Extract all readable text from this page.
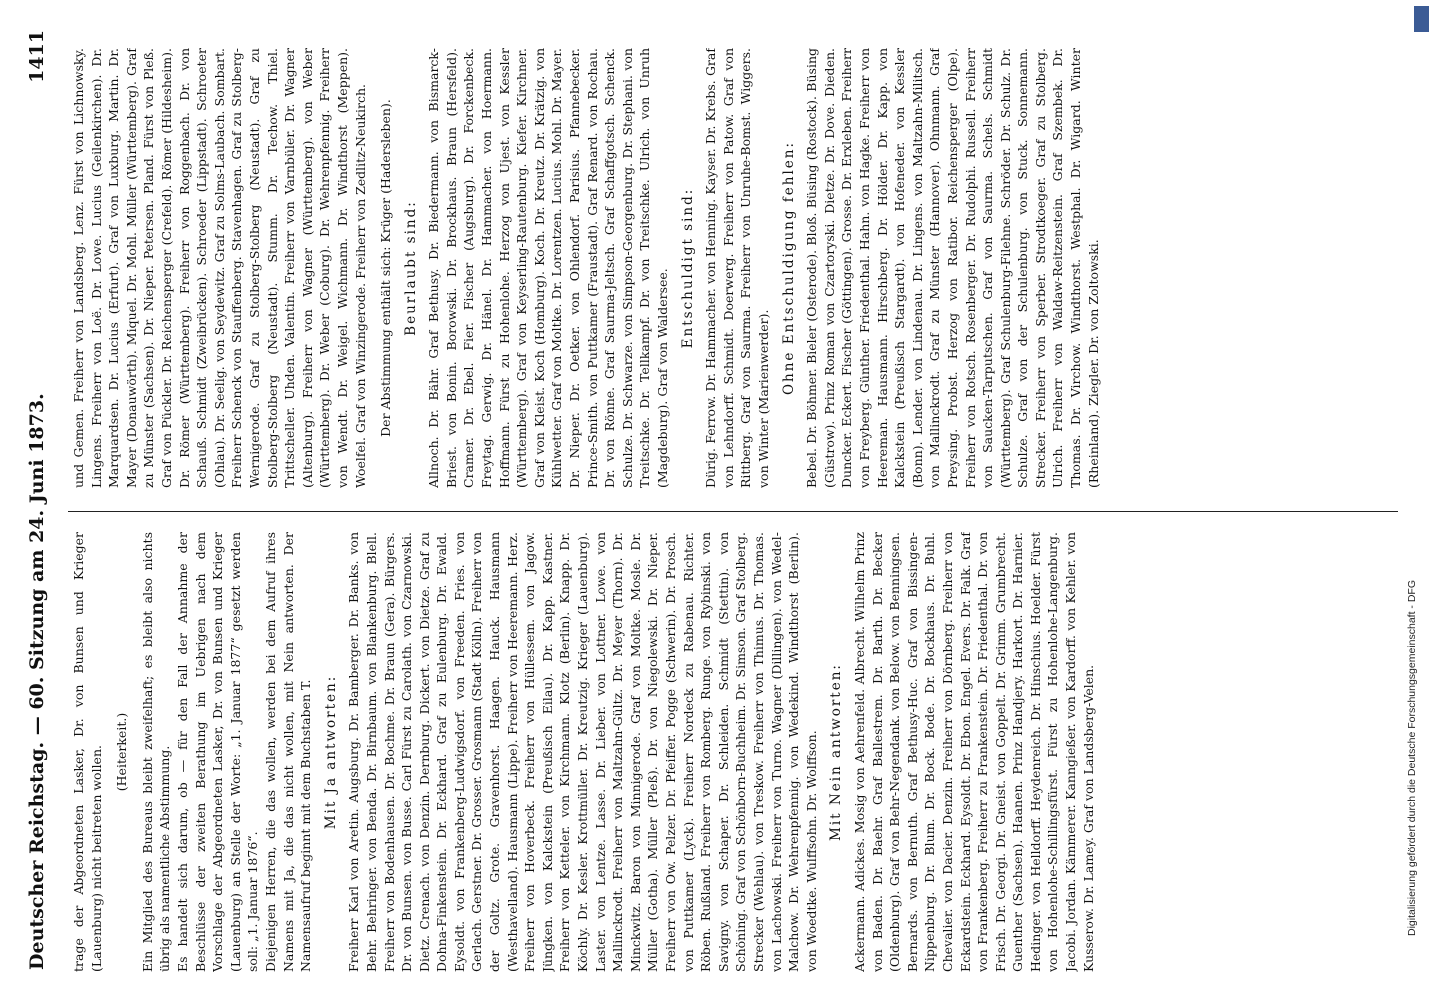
Deutscher Reichstag. — 60. Sitzung am 24. Juni 1873.
1411

trage der Abgeordneten Lasker, Dr. von Bunsen und Krieger (Lauenburg) nicht beitreten wollen. (Heiterkeit.) Ein Mitglied des Bureaus bleibt zweifelhaft; es bleibt also nichts übrig als namentliche Abstimmung. Es handelt sich darum, ob — für den Fall der Annahme der Beschlüsse der zweiten Berathung im Uebrigen nach dem Vorschlage der Abgeordneten Lasker, Dr. von Bunsen und Krieger (Lauenburg) an Stelle der Worte: „1. Januar 1877“ gesetzt werden soll: „1. Januar 1876“. Diejenigen Herren, die das wollen, werden bei dem Aufruf ihres Namens mit Ja, die das nicht wollen, mit Nein antworten. Der Namensaufruf beginnt mit dem Buchstaben T. Mit Ja antworten: Freiherr Karl von Aretin. Augsburg. Dr. Bamberger. Dr. Banks. von Behr. Behringer. von Benda. Dr. Birnbaum. von Blankenburg. Blell. Freiherr von Bodenhausen. Dr. Bochme. Dr. Braun (Gera). Bürgers. Dr. von Bunsen. von Busse. Carl Fürst zu Carolath. von Czarnowski. Dietz. Crenach. von Denzin. Dernburg. Dickert. von Dietze. Graf zu Dohna-Finkenstein. Dr. Eckhard. Graf zu Eulenburg. Dr. Ewald. Eysoldt. von Frankenberg-Ludwigsdorf. von Freeden. Fries. von Gerlach. Gerstner. Dr. Grosser. Grosmann (Stadt Kölln). Freiherr von der Goltz. Grote. Gravenhorst. Haagen. Hauck. Hausmann (Westhavelland). Hausmann (Lippe). Freiherr von Heeremann. Herz. Freiherr von Hoverbeck. Freiherr von Hüllessem. von Jagow. Jüngken. von Kalckstein (Preußisch Eilau). Dr. Kapp. Kastner. Freiherr von Ketteler. von Kirchmann. Klotz (Berlin). Knapp. Dr. Köchly. Dr. Kesler. Krottmüller. Dr. Kreutzig. Krieger (Lauenburg). Laster. von Lentze. Lasse. Dr. Lieber. von Lottner. Lowe. von Mallinckrodt. Freiherr von Maltzahn-Gültz. Dr. Meyer (Thorn). Dr. Minckwitz. Baron von Minnigerode. Graf von Moltke. Mosle. Dr. Müller (Gotha). Müller (Pleß). Dr. von Niegolewski. Dr. Nieper. Freiherr von Ow. Pelzer. Dr. Pfeiffer. Pogge (Schwerin). Dr. Prosch. von Puttkamer (Lyck). Freiherr Nordeck zu Rabenau. Richter. Röben. Rußland. Freiherr von Romberg. Runge. von Rybinski. von Savigny. von Schaper. Dr. Schleiden. Schmidt (Stettin). von Schöning. Graf von Schönborn-Buchheim. Dr. Simson. Graf Stolberg. Strecker (Wehlau). von Treskow. Freiherr von Thimus. Dr. Thomas. von Lachowski. Freiherr von Turno. Wagner (Dillingen). von Wedel-Malchow. Dr. Wehrenpfennig. von Wedekind. Windthorst (Berlin). von Woedtke. Wulffsohn. Dr. Wolffson. Mit Nein antworten: Ackermann. Adickes. Mosig von Aehrenfeld. Albrecht. Wilhelm Prinz von Baden. Dr. Baehr. Graf Ballestrem. Dr. Barth. Dr. Becker (Oldenburg). Graf von Behr-Negendank. von Below. von Benningsen. Bernards. von Bernuth. Graf Bethusy-Huc. Graf von Bissingen-Nippenburg. Dr. Blum. Dr. Bock. Bode. Dr. Bockhaus. Dr. Buhl. Chevalier. von Dacier. Denzin. Freiherr von Dörnberg. Freiherr von Eckardstein. Eckhard. Eysoldt. Dr. Ebon. Engel. Evers. Dr. Falk. Graf von Frankenberg. Freiherr zu Frankenstein. Dr. Friedenthal. Dr. von Frisch. Dr. Georgi. Dr. Gneist. von Goppelt. Dr. Grimm. Grumbrecht. Guenther (Sachsen). Haanen. Prinz Handjery. Harkort. Dr. Harnier. Hedinger. von Helldorff. Heydenreich. Dr. Hinschius. Hoelder. Fürst von Hohenlohe-Schillingsfürst. Fürst zu Hohenlohe-Langenburg. Jacobi. Jordan. Kämmerer. Kanngießer. von Kardorff. von Kehler. von Kusserow. Dr. Lamey. Graf von Landsberg-Velen.

und Gemen. Freiherr von Landsberg. Lenz. Fürst von Lichnowsky. Lingens. Freiherr von Loë. Dr. Lowe. Lucius (Geilenkirchen). Dr. Marquardsen. Dr. Lucius (Erfurt). Graf von Luxburg. Martin. Dr. Mayer (Donauwörth). Miquel. Dr. Mohl. Müller (Württemberg). Graf zu Münster (Sachsen). Dr. Nieper. Petersen. Pland. Fürst von Pleß. Graf von Pückler. Dr. Reichensperger (Crefeld). Römer (Hildesheim). Dr. Römer (Württemberg). Freiherr von Roggenbach. Dr. von Schauß. Schmidt (Zweibrücken). Schroeder (Lippstadt). Schroeter (Ohlau). Dr. Seelig. von Seydewitz. Graf zu Solms-Laubach. Sombart. Freiherr Schenck von Stauffenberg. Stavenhagen. Graf zu Stolberg-Wernigerode. Graf zu Stolberg-Stolberg (Neustadt). Graf zu Stolberg-Stolberg (Neustadt). Stumm. Dr. Techow. Thiel. Trittscheller. Uhden. Valentin. Freiherr von Varnbüler. Dr. Wagner (Altenburg). Freiherr von Wagner (Württemberg). von Weber (Württemberg). Dr. Weber (Coburg). Dr. Wehrenpfennig. Freiherr von Wendt. Dr. Weigel. Wichmann. Dr. Windthorst (Meppen). Woelfel. Graf von Winzingerode. Freiherr von Zedlitz-Neukirch. Der Abstimmung enthält sich: Krüger (Hadersleben). Beurlaubt sind: Allnoch. Dr. Bähr. Graf Bethusy. Dr. Biedermann. von Bismarck-Briest. von Bonin. Borowski. Dr. Brockhaus. Braun (Hersfeld). Cramer. Dr. Ebel. Fier. Fischer (Augsburg). Dr. Forckenbeck. Freytag. Gerwig. Dr. Hänel. Dr. Hammacher. von Hoermann. Hoffmann. Fürst zu Hohenlohe. Herzog von Ujest. von Kessler (Württemberg). Graf von Keyserling-Rautenburg. Kiefer. Kirchner. Graf von Kleist. Koch (Homburg). Koch. Dr. Kreutz. Dr. Krätzig. von Kühlwetter. Graf von Moltke. Dr. Lorentzen. Lucius. Mohl. Dr. Mayer. Dr. Nieper. Dr. Oetker. von Ohlendorf. Parisius. Pfannebecker. Prince-Smith. von Puttkamer (Fraustadt). Graf Renard. von Rochau. Dr. von Rönne. Graf Saurma-Jeltsch. Graf Schaffgotsch. Schenck. Schulze. Dr. Schwarze. von Simpson-Georgenburg. Dr. Stephani. von Treitschke. Dr. Tellkampf. Dr. von Treitschke. Ulrich. von Unruh (Magdeburg). Graf von Waldersee.

Entschuldigt sind: Dürig. Ferrow. Dr. Hammacher. von Henning. Kayser. Dr. Krebs. Graf von Lehndorff. Schmidt. Doerwerg. Freiherr von Patow. Graf von Rittberg. Graf von Saurma. Freiherr von Unruhe-Bomst. Wiggers. von Winter (Marienwerder).

Ohne Entschuldigung fehlen: Bebel. Dr. Böhmer. Bieler (Osterode). Bloß. Büsing (Rostock). Büsing (Güstrow). Prinz Roman von Czartoryski. Dietze. Dr. Dove. Dieden. Duncker. Eckert. Fischer (Göttingen). Grosse. Dr. Erxleben. Freiherr von Freyberg. Günther. Friedenthal. Hahn. von Hagke. Freiherr von Heereman. Hausmann. Hirschberg. Dr. Hölder. Dr. Kapp. von Kalckstein (Preußisch Stargardt). von Hofeneder. von Kessler (Bonn). Lender. von Lindenau. Dr. Lingens. von Maltzahn-Militsch. von Mallinckrodt. Graf zu Münster (Hannover). Ohnmann. Graf Preysing. Probst. Herzog von Ratibor. Reichensperger (Olpe). Freiherr von Rotsch. Rosenberger. Dr. Rudolphi. Russell. Freiherr von Saucken-Tarputschen. Graf von Saurma. Schels. Schmidt (Württemberg). Graf Schulenburg-Filehne. Schröder. Dr. Schulz. Dr. Schulze. Graf von der Schulenburg. von Stuck. Sonnemann. Strecker. Freiherr von Sperber. Strodtkoeger. Graf zu Stolberg. Ulrich. Freiherr von Waldaw-Reitzenstein. Graf Szembek. Dr. Thomas. Dr. Virchow. Windthorst. Westphal. Dr. Wigard. Winter (Rheinland). Ziegler. Dr. von Zoltowski.

Digitalisierung gefördert durch die Deutsche Forschungsgemeinschaft - DFG
